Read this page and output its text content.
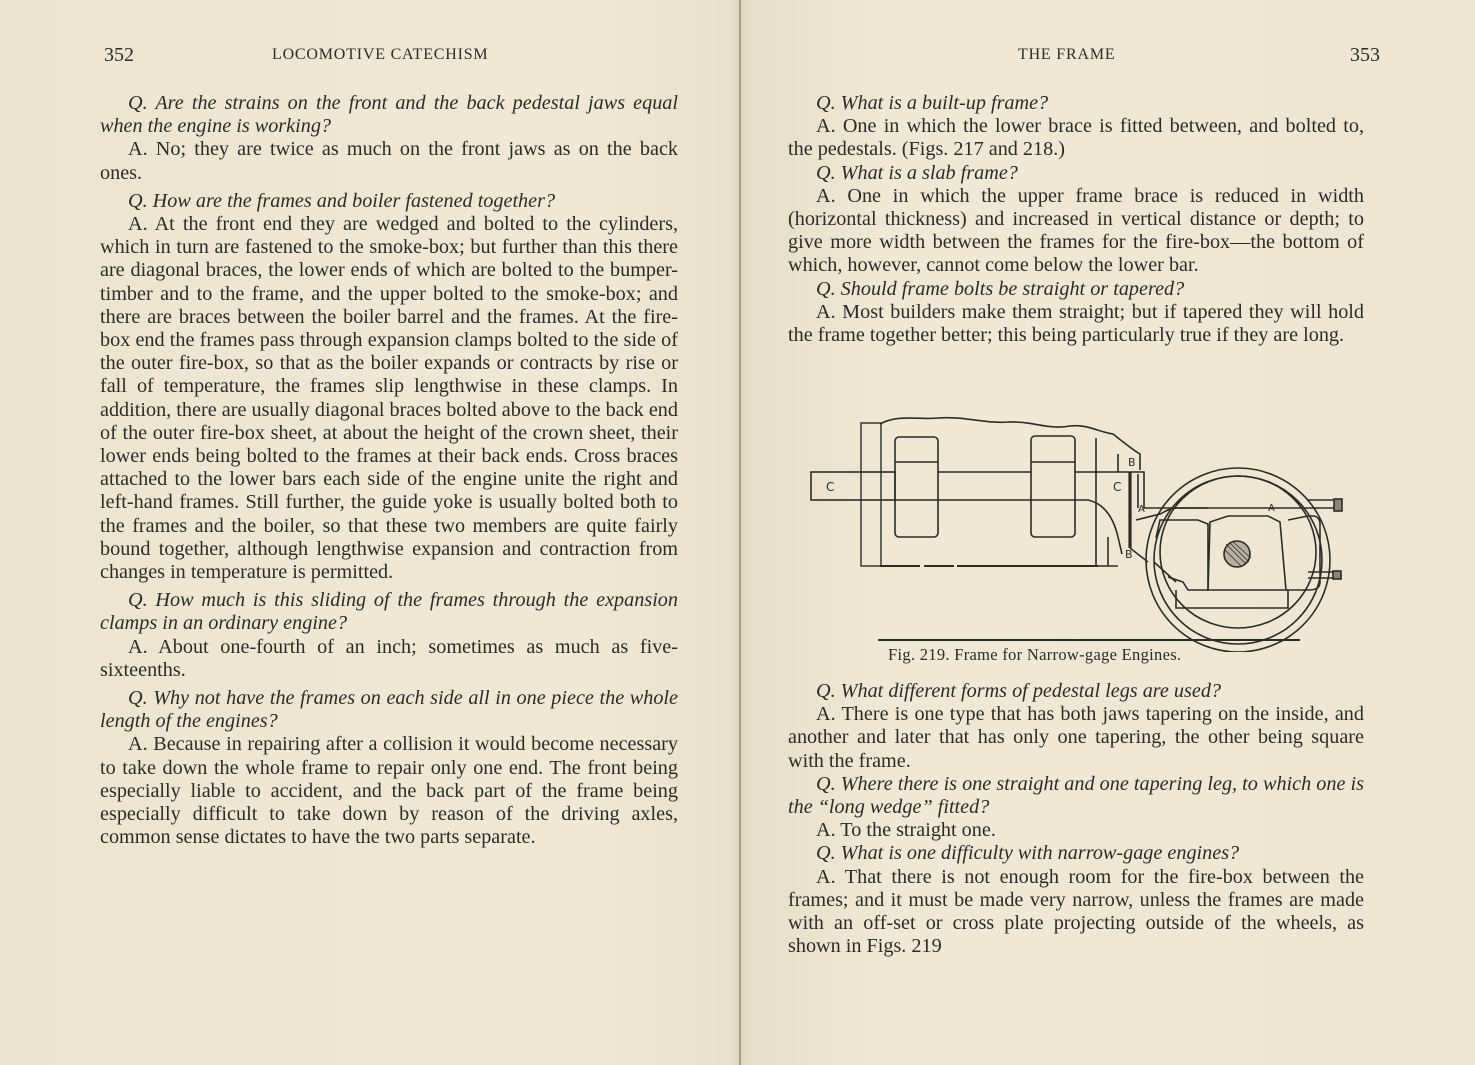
352	LOCOMOTIVE CATECHISM

Q. Are the strains on the front and the back pedestal jaws equal when the engine is working?

A. No; they are twice as much on the front jaws as on the back ones.

Q. How are the frames and boiler fastened together?

A. At the front end they are wedged and bolted to the cylinders, which in turn are fastened to the smoke-box; but further than this there are diagonal braces, the lower ends of which are bolted to the bumper-timber and to the frame, and the upper bolted to the smoke-box; and there are braces between the boiler barrel and the frames. At the fire-box end the frames pass through expansion clamps bolted to the side of the outer fire-box, so that as the boiler expands or contracts by rise or fall of temperature, the frames slip lengthwise in these clamps. In addition, there are usually diagonal braces bolted above to the back end of the outer fire-box sheet, at about the height of the crown sheet, their lower ends being bolted to the frames at their back ends. Cross braces attached to the lower bars each side of the engine unite the right and left-hand frames. Still further, the guide yoke is usually bolted both to the frames and the boiler, so that these two members are quite fairly bound together, although lengthwise expansion and contraction from changes in temperature is permitted.

Q. How much is this sliding of the frames through the expansion clamps in an ordinary engine?

A. About one-fourth of an inch; sometimes as much as five-sixteenths.

Q. Why not have the frames on each side all in one piece the whole length of the engines?

A. Because in repairing after a collision it would become necessary to take down the whole frame to repair only one end. The front being especially liable to accident, and the back part of the frame being especially difficult to take down by reason of the driving axles, common sense dictates to have the two parts separate.

THE FRAME	353

Q. What is a built-up frame?

A. One in which the lower brace is fitted between, and bolted to, the pedestals. (Figs. 217 and 218.)

Q. What is a slab frame?

A. One in which the upper frame brace is reduced in width (horizontal thickness) and increased in vertical distance or depth; to give more width between the frames for the fire-box—the bottom of which, however, cannot come below the lower bar.

Q. Should frame bolts be straight or tapered?

A. Most builders make them straight; but if tapered they will hold the frame together better; this being particularly true if they are long.

C	C
B
B
A	A
Fig. 219. Frame for Narrow-gage Engines.

Q. What different forms of pedestal legs are used?

A. There is one type that has both jaws tapering on the inside, and another and later that has only one tapering, the other being square with the frame.

Q. Where there is one straight and one tapering leg, to which one is the “long wedge” fitted?

A. To the straight one.

Q. What is one difficulty with narrow-gage engines?

A. That there is not enough room for the fire-box between the frames; and it must be made very narrow, unless the frames are made with an off-set or cross plate projecting outside of the wheels, as shown in Figs. 219
